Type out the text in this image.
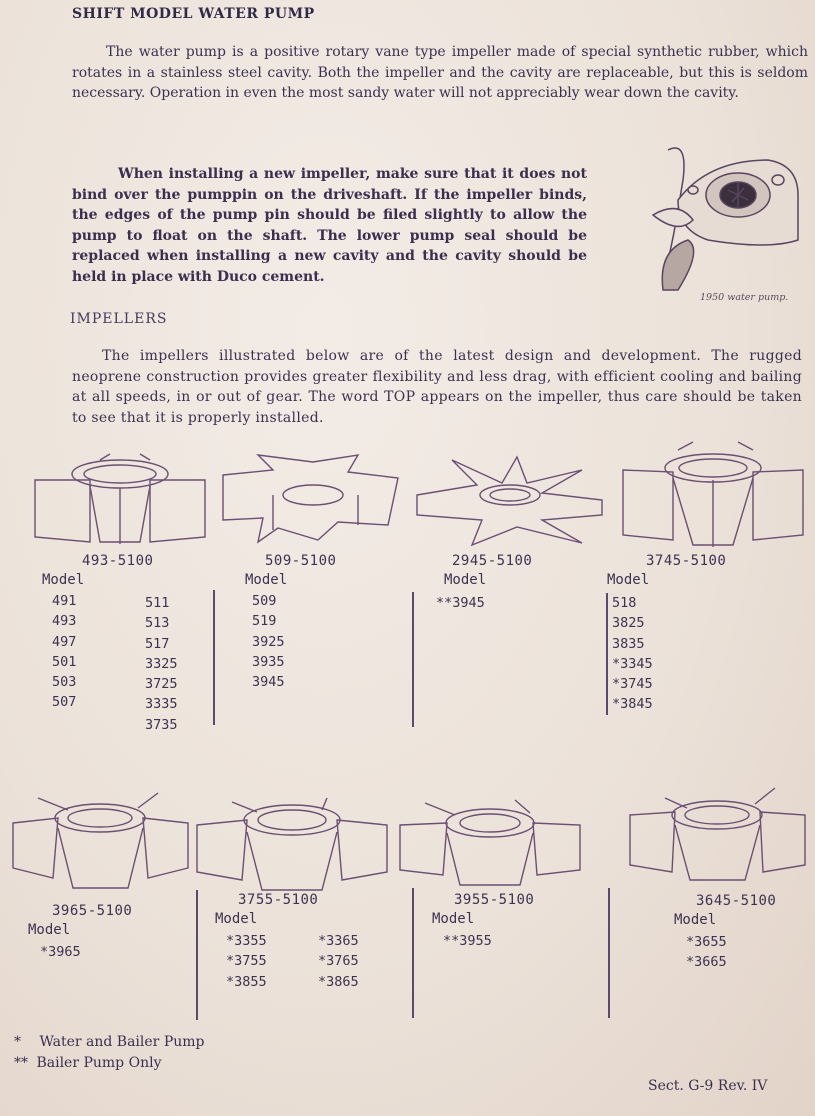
SHIFT MODEL WATER PUMP
The water pump is a positive rotary vane type impeller made of special synthetic rubber, which rotates in a stainless steel cavity. Both the impeller and the cavity are replaceable, but this is seldom necessary. Operation in even the most sandy water will not appreciably wear down the cavity.
When installing a new impeller, make sure that it does not bind over the pumppin on the driveshaft. If the impeller binds, the edges of the pump pin should be filed slightly to allow the pump to float on the shaft. The lower pump seal should be replaced when installing a new cavity and the cavity should be held in place with Duco cement.
1950 water pump.
IMPELLERS
The impellers illustrated below are of the latest design and development. The rugged neoprene construction provides greater flexibility and less drag, with efficient cooling and bailing at all speeds, in or out of gear. The word TOP appears on the impeller, thus care should be taken to see that it is properly installed.
493-5100
Model
491
493
497
501
503
507
511
513
517
3325
3725
3335
3735
509-5100
Model
509
519
3925
3935
3945
2945-5100
Model
**3945
3745-5100
Model
518
3825
3835
*3345
*3745
*3845
3965-5100
Model
*3965
3755-5100
Model
*3355
*3755
*3855
*3365
*3765
*3865
3955-5100
Model
**3955
3645-5100
Model
*3655
*3665
* Water and Bailer Pump
** Bailer Pump Only
Sect. G-9 Rev. IV
